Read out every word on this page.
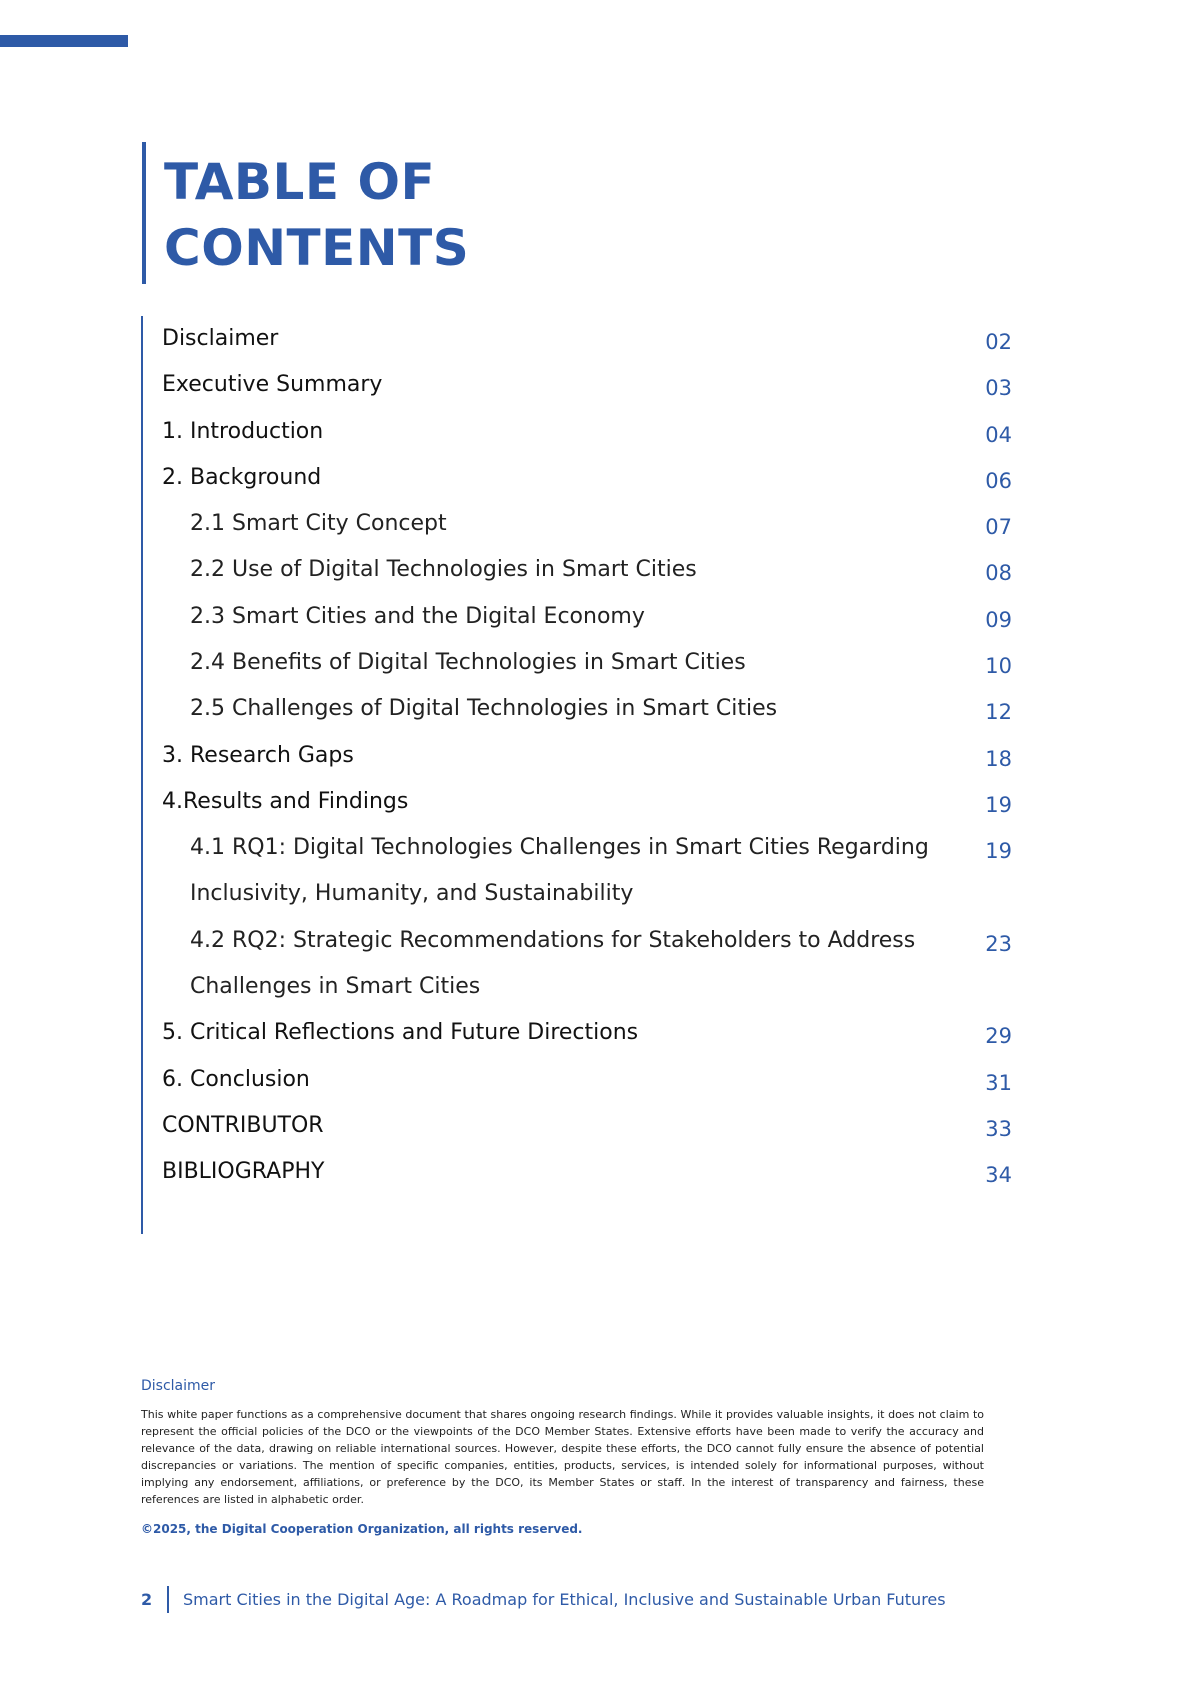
TABLE OF
CONTENTS
Disclaimer	02
Executive Summary	03
1. Introduction	04
2. Background	06
2.1 Smart City Concept	07
2.2 Use of Digital Technologies in Smart Cities	08
2.3 Smart Cities and the Digital Economy	09
2.4 Benefits of Digital Technologies in Smart Cities	10
2.5 Challenges of Digital Technologies in Smart Cities	12
3. Research Gaps	18
4.Results and Findings	19
4.1 RQ1: Digital Technologies Challenges in Smart Cities Regarding Inclusivity, Humanity, and Sustainability
19
4.2 RQ2: Strategic Recommendations for Stakeholders to Address Challenges in Smart Cities
23
5. Critical Reflections and Future Directions	29
6. Conclusion	31
CONTRIBUTOR	33
BIBLIOGRAPHY	34
Disclaimer
This white paper functions as a comprehensive document that shares ongoing research findings. While it provides valuable insights, it does not claim to represent the official policies of the DCO or the viewpoints of the DCO Member States. Extensive efforts have been made to verify the accuracy and relevance of the data, drawing on reliable international sources. However, despite these efforts, the DCO cannot fully ensure the absence of potential discrepancies or variations. The mention of specific companies, entities, products, services, is intended solely for informational purposes, without implying any endorsement, affiliations, or preference by the DCO, its Member States or staff. In the interest of transparency and fairness, these references are listed in alphabetic order.
©2025, the Digital Cooperation Organization, all rights reserved.
2	Smart Cities in the Digital Age: A Roadmap for Ethical, Inclusive and Sustainable Urban Futures
